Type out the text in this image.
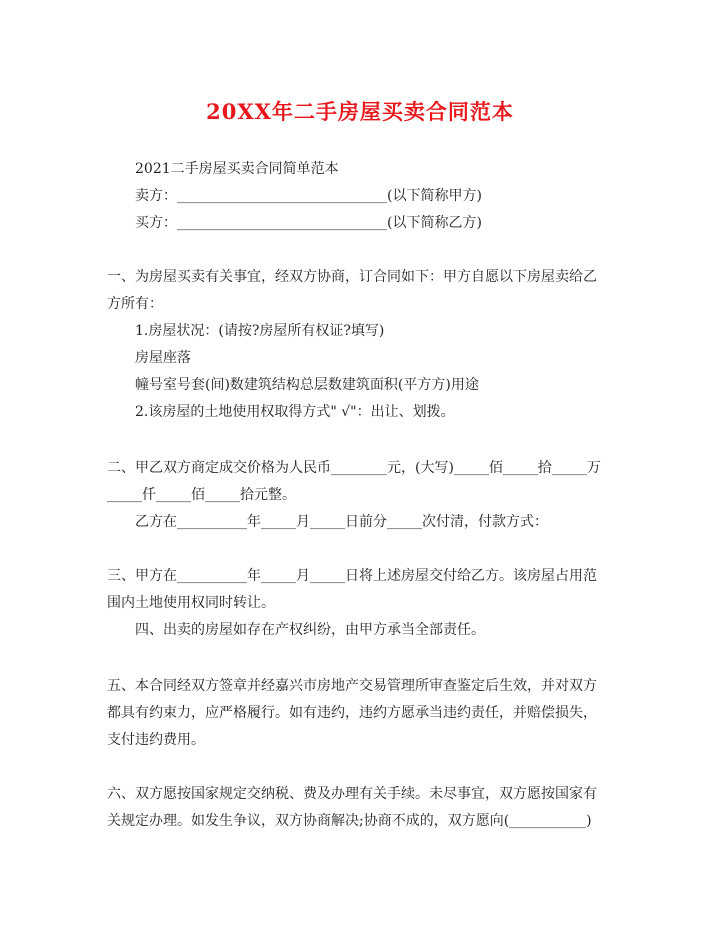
20XX年二手房屋买卖合同范本
2021二手房屋买卖合同简单范本
卖方：______________________________(以下简称甲方)
买方：______________________________(以下简称乙方)
一、为房屋买卖有关事宜，经双方协商，订合同如下：甲方自愿以下房屋卖给乙
方所有：
1.房屋状况：(请按?房屋所有权证?填写)
房屋座落
幢号室号套(间)数建筑结构总层数建筑面积(平方方)用途
2.该房屋的土地使用权取得方式" √"：出让、划拨。
二、甲乙双方商定成交价格为人民币________元，(大写)_____佰_____拾_____万
_____仟_____佰_____拾元整。
乙方在__________年_____月_____日前分_____次付清，付款方式：
三、甲方在__________年_____月_____日将上述房屋交付给乙方。该房屋占用范
围内土地使用权同时转让。
四、出卖的房屋如存在产权纠纷，由甲方承当全部责任。
五、本合同经双方签章并经嘉兴市房地产交易管理所审查鉴定后生效，并对双方
都具有约束力，应严格履行。如有违约，违约方愿承当违约责任，并赔偿损失，
支付违约费用。
六、双方愿按国家规定交纳税、费及办理有关手续。未尽事宜，双方愿按国家有
关规定办理。如发生争议，双方协商解决;协商不成的，双方愿向(___________)
